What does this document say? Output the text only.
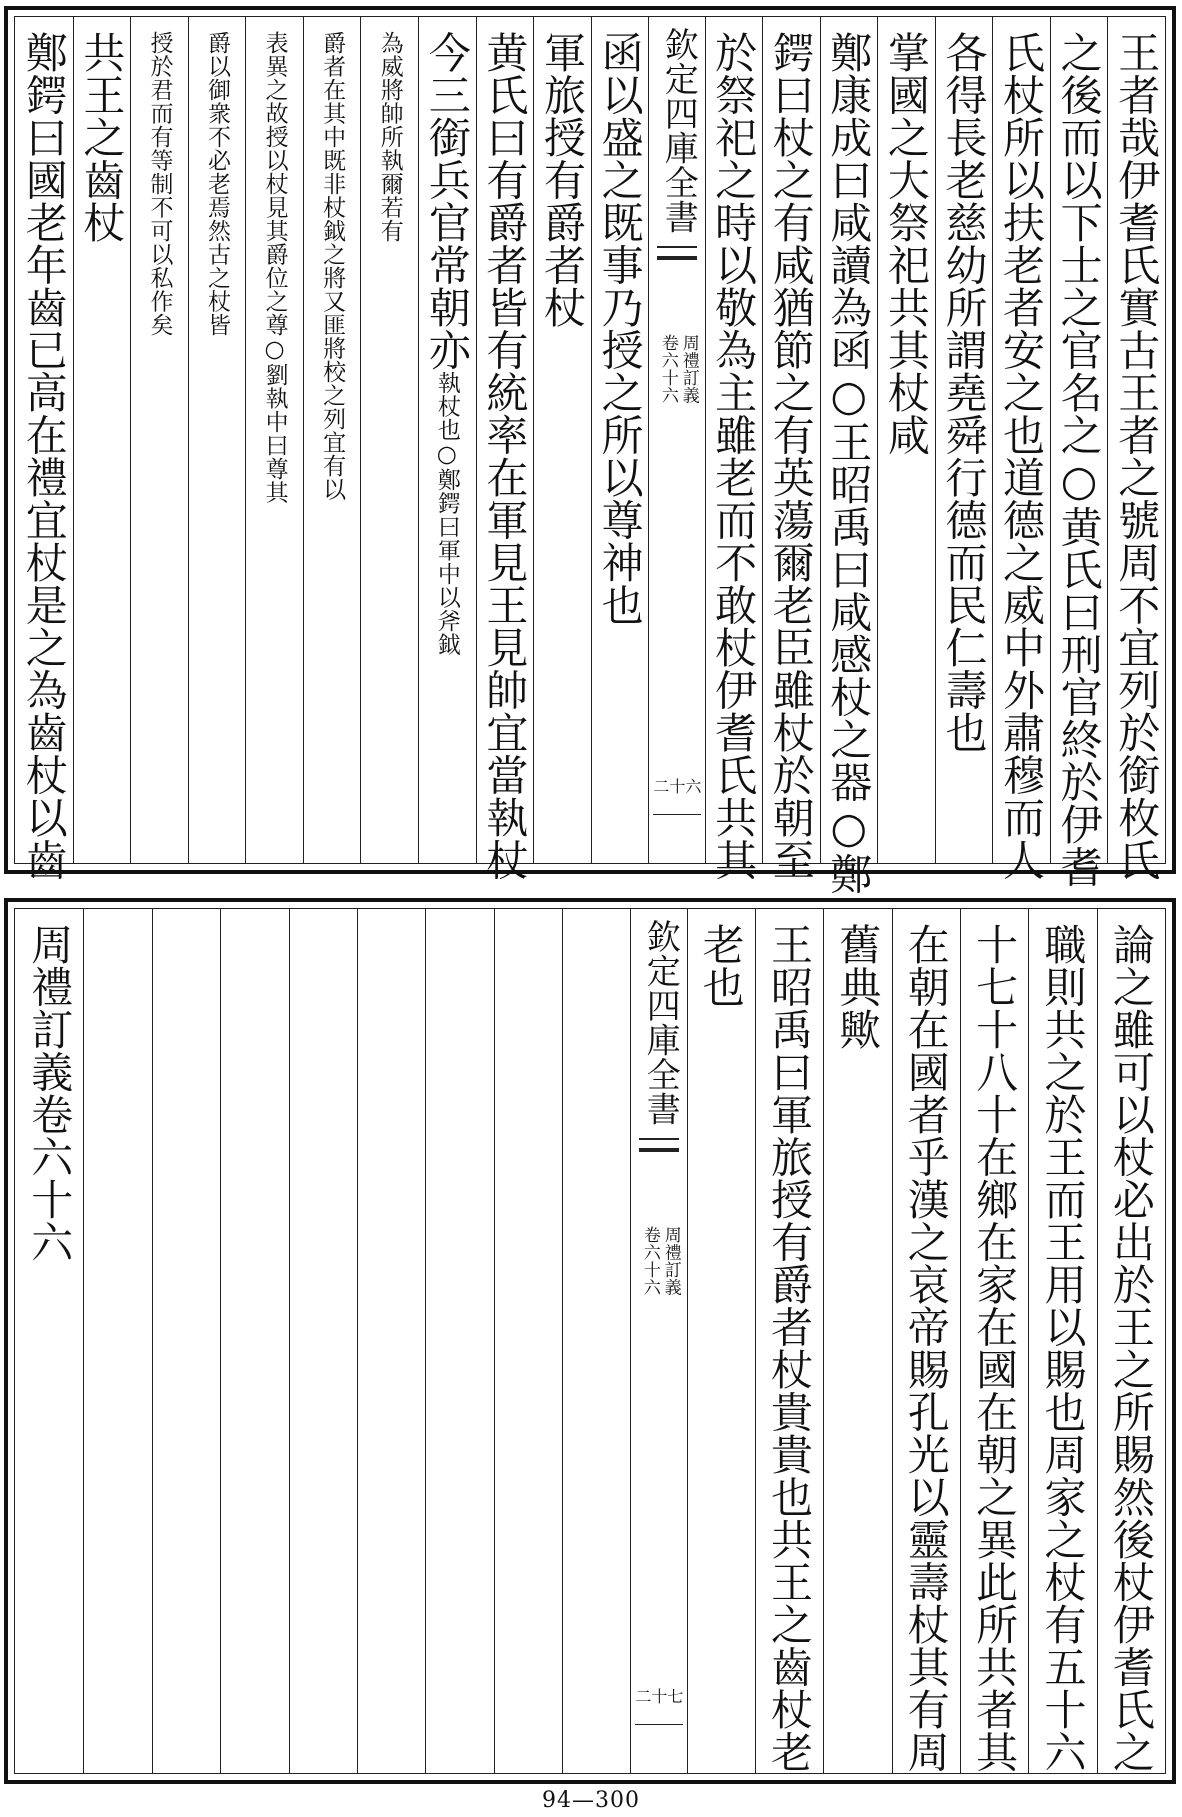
王者哉伊耆氏實古王者之號周不宜列於銜枚氏
之後而以下士之官名之○黄氏曰刑官終於伊耆
氏杖所以扶老者安之也道德之威中外肅穆而人
各得長老慈幼所謂堯舜行德而民仁壽也
掌國之大祭祀共其杖咸
鄭康成曰咸讀為函○王昭禹曰咸感杖之器○鄭
鍔曰杖之有咸猶節之有英蕩爾老臣雖杖於朝至
於祭祀之時以敬為主雖老而不敢杖伊耆氏共其
欽定四庫全書
周禮訂義
卷六十六
二十六
函以盛之既事乃授之所以尊神也
軍旅授有爵者杖
黄氏曰有爵者皆有統率在軍見王見帥宜當執杖
今三銜兵官常朝亦執杖也○鄭鍔曰軍中以斧鉞
為威將帥所執爾若有
爵者在其中既非杖鉞之將又匪將校之列宜有以
表異之故授以杖見其爵位之尊○劉執中曰尊其
爵以御衆不必老焉然古之杖皆
授於君而有等制不可以私作矣
共王之齒杖
鄭鍔曰國老年齒已高在禮宜杖是之為齒杖以齒
論之雖可以杖必出於王之所賜然後杖伊耆氏之
職則共之於王而王用以賜也周家之杖有五十六
十七十八十在鄉在家在國在朝之異此所共者其
在朝在國者乎漢之哀帝賜孔光以靈壽杖其有周
舊典歟
王昭禹曰軍旅授有爵者杖貴貴也共王之齒杖老
老也
欽定四庫全書
周禮訂義
卷六十六
二十七
周禮訂義卷六十六
94—300
